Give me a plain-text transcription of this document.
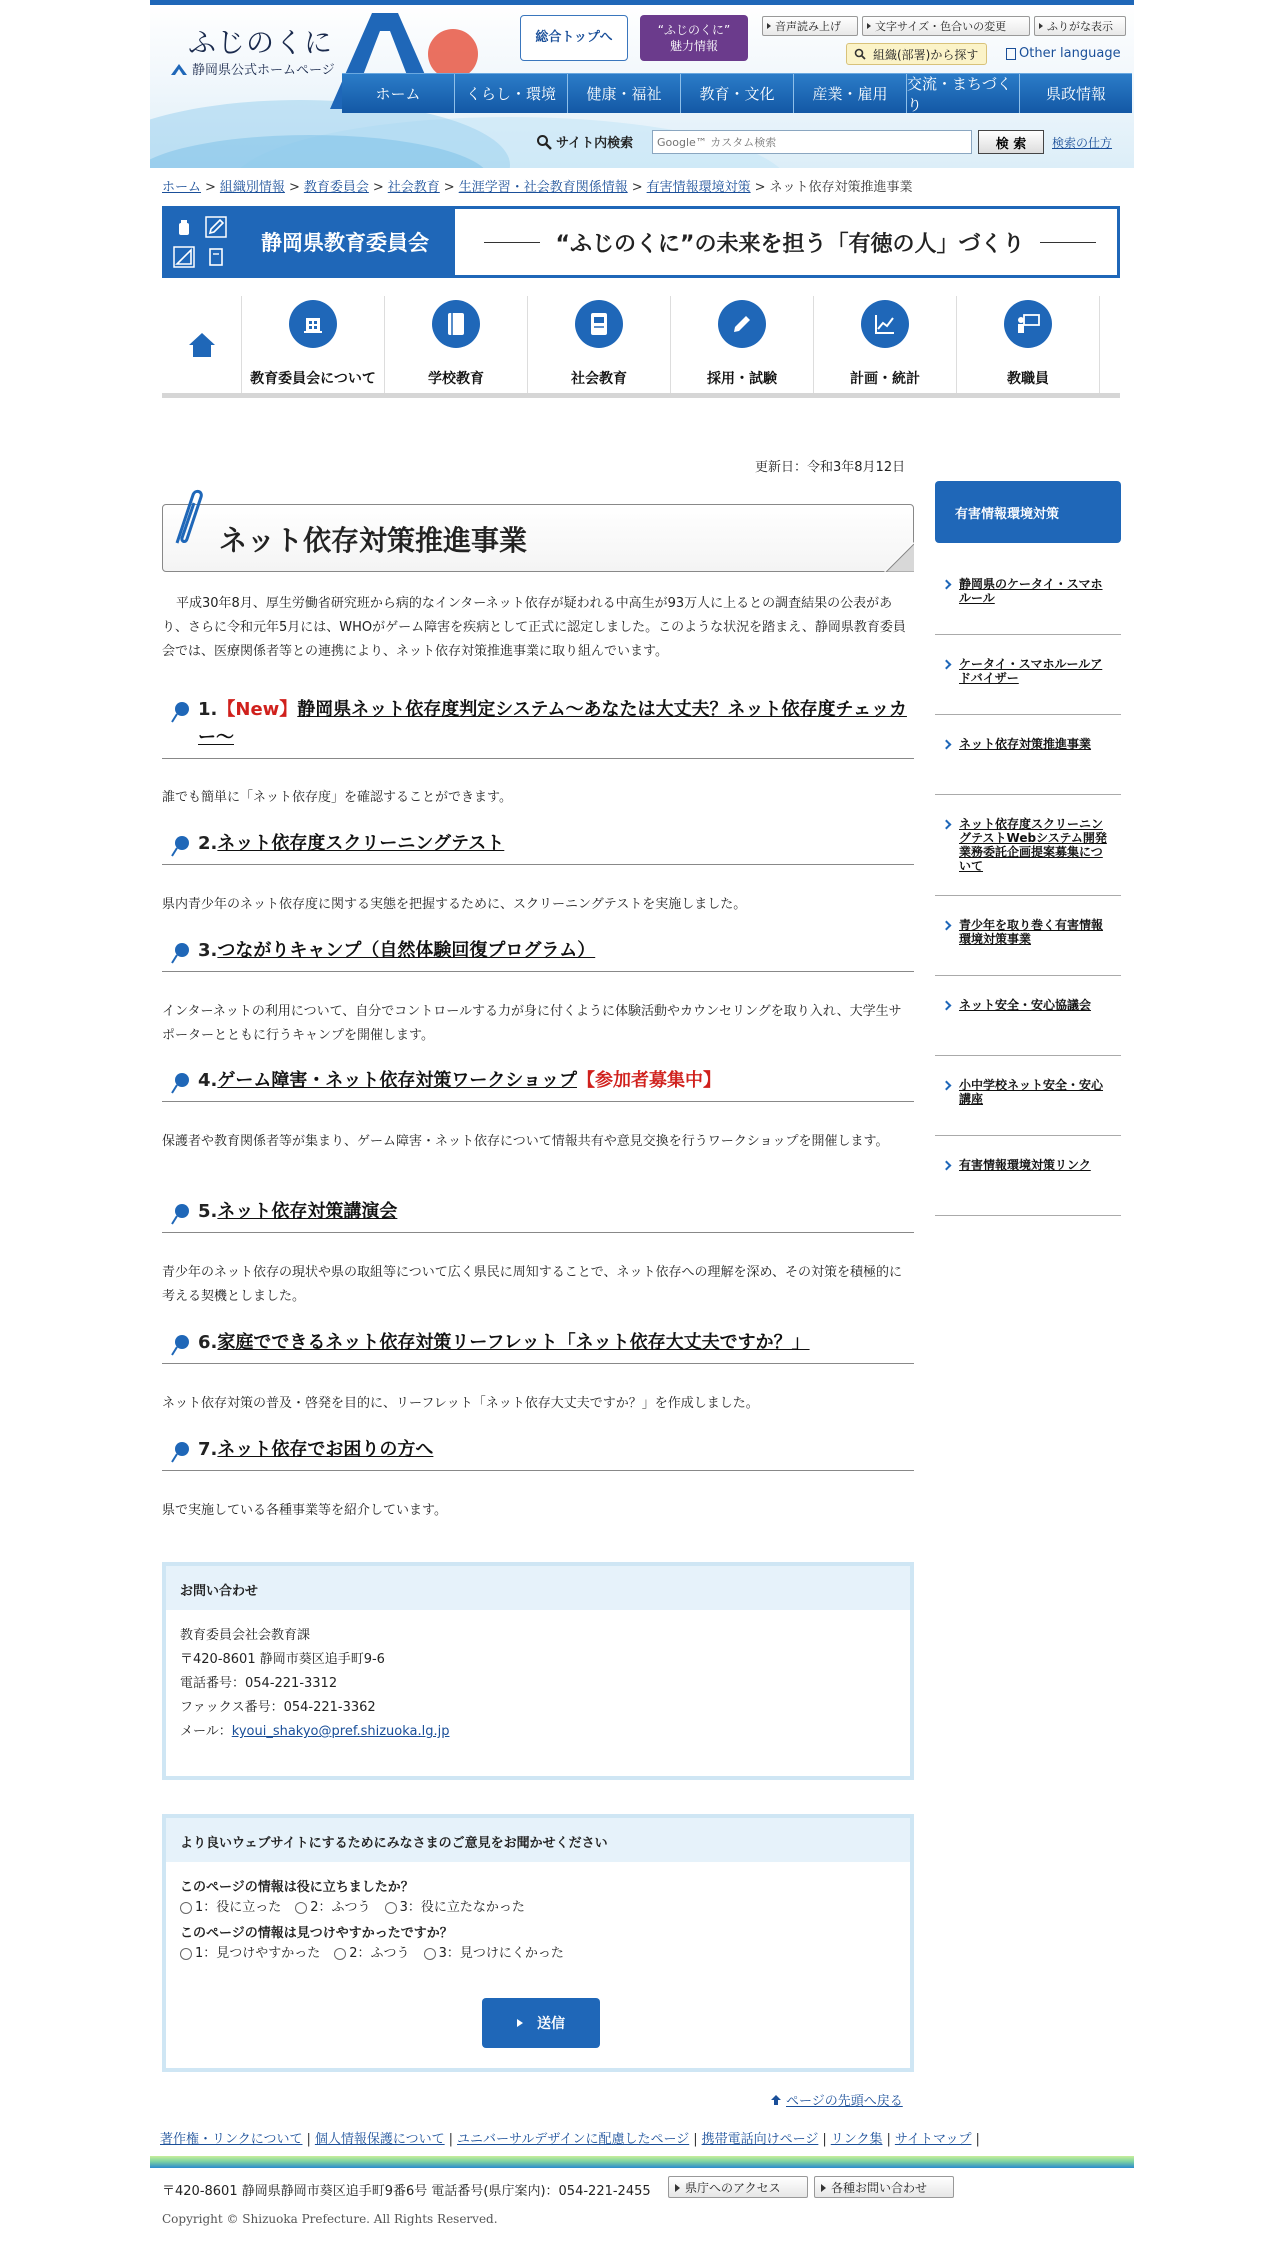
ふじのくに
静岡県公式ホームページ
総合トップへ	“ふじのくに”
魅力情報
音声読み上げ	文字サイズ・色合いの変更	ふりがな表示
組織(部署)から探す	Other language
ホーム	くらし・環境	健康・福祉	教育・文化	産業・雇用
交流・まちづくり
県政情報
サイト内検索
Google™ カスタム検索	検 索	検索の仕方
ホーム > 組織別情報 > 教育委員会 > 社会教育 > 生涯学習・社会教育関係情報 > 有害情報環境対策 > ネット依存対策推進事業
静岡県教育委員会	“ふじのくに”の未来を担う「有徳の人」づくり
教育委員会について	学校教育	社会教育	採用・試験	計画・統計	教職員
更新日：令和3年8月12日
ネット依存対策推進事業

平成30年8月、厚生労働省研究班から病的なインターネット依存が疑われる中高生が93万人に上るとの調査結果の公表があり、さらに令和元年5月には、WHOがゲーム障害を疾病として正式に認定しました。このような状況を踏まえ、静岡県教育委員会では、医療関係者等との連携により、ネット依存対策推進事業に取り組んでいます。

1.【New】静岡県ネット依存度判定システム～あなたは大丈夫？ネット依存度チェッカー～

誰でも簡単に「ネット依存度」を確認することができます。

2.ネット依存度スクリーニングテスト

県内青少年のネット依存度に関する実態を把握するために、スクリーニングテストを実施しました。

3.つながりキャンプ（自然体験回復プログラム）

インターネットの利用について、自分でコントロールする力が身に付くように体験活動やカウンセリングを取り入れ、大学生サポーターとともに行うキャンプを開催します。

4.ゲーム障害・ネット依存対策ワークショップ【参加者募集中】

保護者や教育関係者等が集まり、ゲーム障害・ネット依存について情報共有や意見交換を行うワークショップを開催します。

5.ネット依存対策講演会

青少年のネット依存の現状や県の取組等について広く県民に周知することで、ネット依存への理解を深め、その対策を積極的に考える契機としました。

6.家庭でできるネット依存対策リーフレット「ネット依存大丈夫ですか？」

ネット依存対策の普及・啓発を目的に、リーフレット「ネット依存大丈夫ですか？」を作成しました。

7.ネット依存でお困りの方へ

県で実施している各種事業等を紹介しています。

お問い合わせ
教育委員会社会教育課
〒420-8601 静岡市葵区追手町9-6
電話番号：054-221-3312
ファックス番号：054-221-3362
メール：kyoui_shakyo@pref.shizuoka.lg.jp
より良いウェブサイトにするためにみなさまのご意見をお聞かせください
このページの情報は役に立ちましたか？
1：役に立った 2：ふつう 3：役に立たなかった
このページの情報は見つけやすかったですか？
1：見つけやすかった 2：ふつう 3：見つけにくかった
送信
ページの先頭へ戻る
有害情報環境対策
静岡県のケータイ・スマホルール
ケータイ・スマホルールアドバイザー
ネット依存対策推進事業
ネット依存度スクリーニングテストWebシステム開発業務委託企画提案募集について
青少年を取り巻く有害情報環境対策事業
ネット安全・安心協議会
小中学校ネット安全・安心講座
有害情報環境対策リンク
著作権・リンクについて | 個人情報保護について | ユニバーサルデザインに配慮したページ | 携帯電話向けページ | リンク集 | サイトマップ |
〒420-8601 静岡県静岡市葵区追手町9番6号 電話番号(県庁案内)：054-221-2455	県庁へのアクセス	各種お問い合わせ
Copyright © Shizuoka Prefecture. All Rights Reserved.
